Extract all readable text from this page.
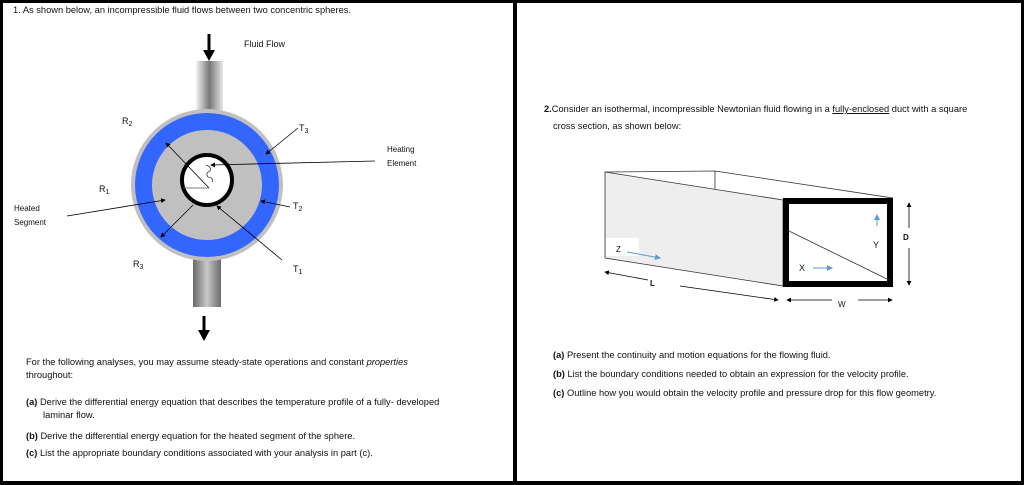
1. As shown below, an incompressible fluid flows between two concentric spheres.
Fluid Flow
$R_2$
$R_1$
$R_3$
$T_3$
$T_2$
$T_1$
Heating
Element
Heated
Segment
For the following analyses, you may assume steady-state operations and constant properties
throughout:
(a) Derive the differential energy equation that describes the temperature profile of a fully- developed
laminar flow.
(b) Derive the differential energy equation for the heated segment of the sphere.
(c) List the appropriate boundary conditions associated with your analysis in part (c).
2.Consider an isothermal, incompressible Newtonian fluid flowing in a fully-enclosed duct with a square
cross section, as shown below:
Z
L
W
D
X
Y
(a) Present the continuity and motion equations for the flowing fluid.
(b) List the boundary conditions needed to obtain an expression for the velocity profile.
(c) Outline how you would obtain the velocity profile and pressure drop for this flow geometry.
